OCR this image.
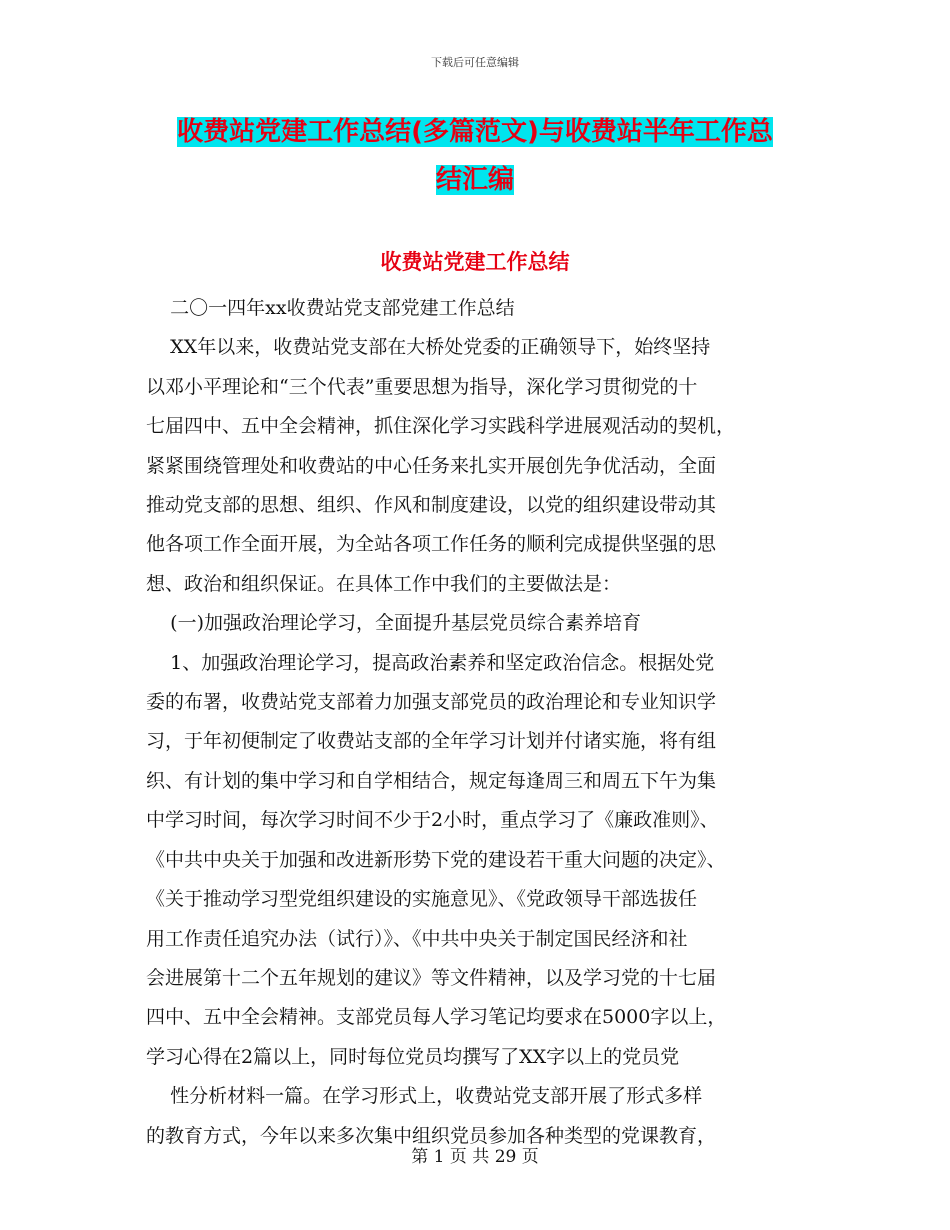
下载后可任意编辑
收费站党建工作总结(多篇范文)与收费站半年工作总
结汇编
收费站党建工作总结

二〇一四年xx收费站党支部党建工作总结

XX年以来，收费站党支部在大桥处党委的正确领导下，始终坚持

以邓小平理论和“三个代表”重要思想为指导，深化学习贯彻党的十

七届四中、五中全会精神，抓住深化学习实践科学进展观活动的契机，

紧紧围绕管理处和收费站的中心任务来扎实开展创先争优活动，全面

推动党支部的思想、组织、作风和制度建设，以党的组织建设带动其

他各项工作全面开展，为全站各项工作任务的顺利完成提供坚强的思

想、政治和组织保证。在具体工作中我们的主要做法是：

(一)加强政治理论学习，全面提升基层党员综合素养培育

1、加强政治理论学习，提高政治素养和坚定政治信念。根据处党

委的布署，收费站党支部着力加强支部党员的政治理论和专业知识学

习，于年初便制定了收费站支部的全年学习计划并付诸实施，将有组

织、有计划的集中学习和自学相结合，规定每逢周三和周五下午为集

中学习时间，每次学习时间不少于2小时，重点学习了《廉政准则》、

《中共中央关于加强和改进新形势下党的建设若干重大问题的决定》、

《关于推动学习型党组织建设的实施意见》、《党政领导干部选拔任

用工作责任追究办法（试行）》、《中共中央关于制定国民经济和社

会进展第十二个五年规划的建议》等文件精神，以及学习党的十七届

四中、五中全会精神。支部党员每人学习笔记均要求在5000字以上，

学习心得在2篇以上，同时每位党员均撰写了XX字以上的党员党

性分析材料一篇。在学习形式上，收费站党支部开展了形式多样

的教育方式，今年以来多次集中组织党员参加各种类型的党课教育，

第 1 页 共 29 页
